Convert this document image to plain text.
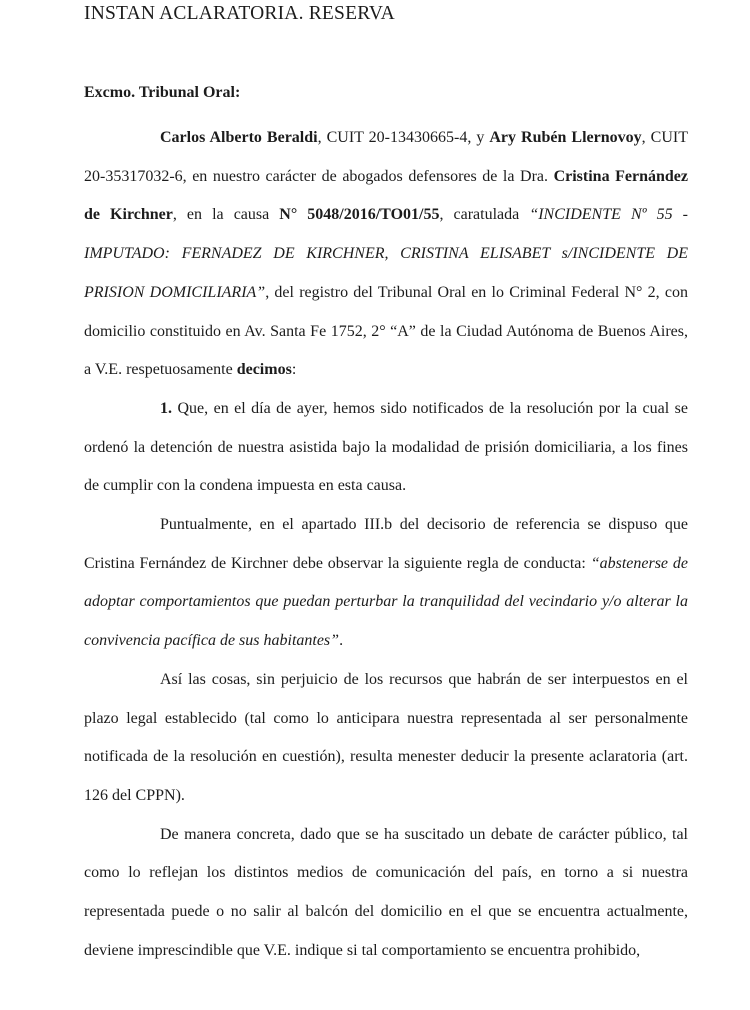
INSTAN ACLARATORIA. RESERVA
Excmo. Tribunal Oral:

Carlos Alberto Beraldi, CUIT 20-13430665-4, y Ary Rubén Llernovoy, CUIT 20-35317032-6, en nuestro carácter de abogados defensores de la Dra. Cristina Fernández de Kirchner, en la causa N° 5048/2016/TO01/55, caratulada “INCIDENTE Nº 55 - IMPUTADO: FERNADEZ DE KIRCHNER, CRISTINA ELISABET s/INCIDENTE DE PRISION DOMICILIARIA”, del registro del Tribunal Oral en lo Criminal Federal N° 2, con domicilio constituido en Av. Santa Fe 1752, 2° “A” de la Ciudad Autónoma de Buenos Aires, a V.E. respetuosamente decimos:

1. Que, en el día de ayer, hemos sido notificados de la resolución por la cual se ordenó la detención de nuestra asistida bajo la modalidad de prisión domiciliaria, a los fines de cumplir con la condena impuesta en esta causa.

Puntualmente, en el apartado III.b del decisorio de referencia se dispuso que Cristina Fernández de Kirchner debe observar la siguiente regla de conducta: “abstenerse de adoptar comportamientos que puedan perturbar la tranquilidad del vecindario y/o alterar la convivencia pacífica de sus habitantes”.

Así las cosas, sin perjuicio de los recursos que habrán de ser interpuestos en el plazo legal establecido (tal como lo anticipara nuestra representada al ser personalmente notificada de la resolución en cuestión), resulta menester deducir la presente aclaratoria (art. 126 del CPPN).

De manera concreta, dado que se ha suscitado un debate de carácter público, tal como lo reflejan los distintos medios de comunicación del país, en torno a si nuestra representada puede o no salir al balcón del domicilio en el que se encuentra actualmente, deviene imprescindible que V.E. indique si tal comportamiento se encuentra prohibido,
